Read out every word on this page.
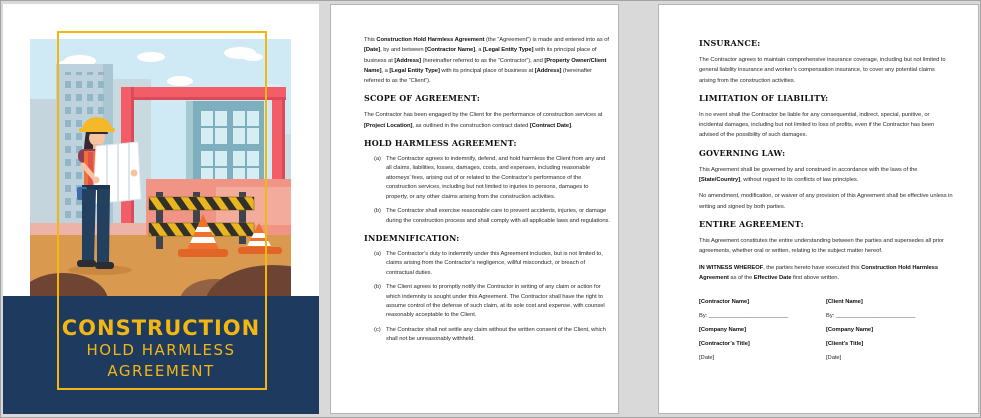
CONSTRUCTION
HOLD HARMLESS
AGREEMENT

This Construction Hold Harmless Agreement (the “Agreement”) is made and entered into as of [Date], by and between [Contractor Name], a [Legal Entity Type] with its principal place of business at [Address] (hereinafter referred to as the “Contractor”), and [Property Owner/Client Name], a [Legal Entity Type] with its principal place of business at [Address] (hereinafter referred to as the “Client”).

SCOPE OF AGREEMENT:

The Contractor has been engaged by the Client for the performance of construction services at [Project Location], as outlined in the construction contract dated [Contract Date].

HOLD HARMLESS AGREEMENT:
(a) The Contractor agrees to indemnify, defend, and hold harmless the Client from any and all claims, liabilities, losses, damages, costs, and expenses, including reasonable attorneys’ fees, arising out of or related to the Contractor’s performance of the construction services, including but not limited to injuries to persons, damages to property, or any other claims arising from the construction activities.
(b) The Contractor shall exercise reasonable care to prevent accidents, injuries, or damage during the construction process and shall comply with all applicable laws and regulations.
INDEMNIFICATION:
(a) The Contractor’s duty to indemnify under this Agreement includes, but is not limited to, claims arising from the Contractor’s negligence, willful misconduct, or breach of contractual duties.
(b) The Client agrees to promptly notify the Contractor in writing of any claim or action for which indemnity is sought under this Agreement. The Contractor shall have the right to assume control of the defense of such claim, at its sole cost and expense, with counsel reasonably acceptable to the Client.
(c) The Contractor shall not settle any claim without the written consent of the Client, which shall not be unreasonably withheld.
INSURANCE:

The Contractor agrees to maintain comprehensive insurance coverage, including but not limited to general liability insurance and worker’s compensation insurance, to cover any potential claims arising from the construction activities.

LIMITATION OF LIABILITY:

In no event shall the Contractor be liable for any consequential, indirect, special, punitive, or incidental damages, including but not limited to loss of profits, even if the Contractor has been advised of the possibility of such damages.

GOVERNING LAW:

This Agreement shall be governed by and construed in accordance with the laws of the [State/Country], without regard to its conflicts of law principles.

No amendment, modification, or waiver of any provision of this Agreement shall be effective unless in writing and signed by both parties.

ENTIRE AGREEMENT:

This Agreement constitutes the entire understanding between the parties and supersedes all prior agreements, whether oral or written, relating to the subject matter hereof.

IN WITNESS WHEREOF, the parties hereto have executed this Construction Hold Harmless Agreement as of the Effective Date first above written.

[Contractor Name]
By: _________________________
[Company Name]
[Contractor’s Title]
[Date]
[Client Name]
By: _________________________
[Company Name]
[Client’s Title]
[Date]
